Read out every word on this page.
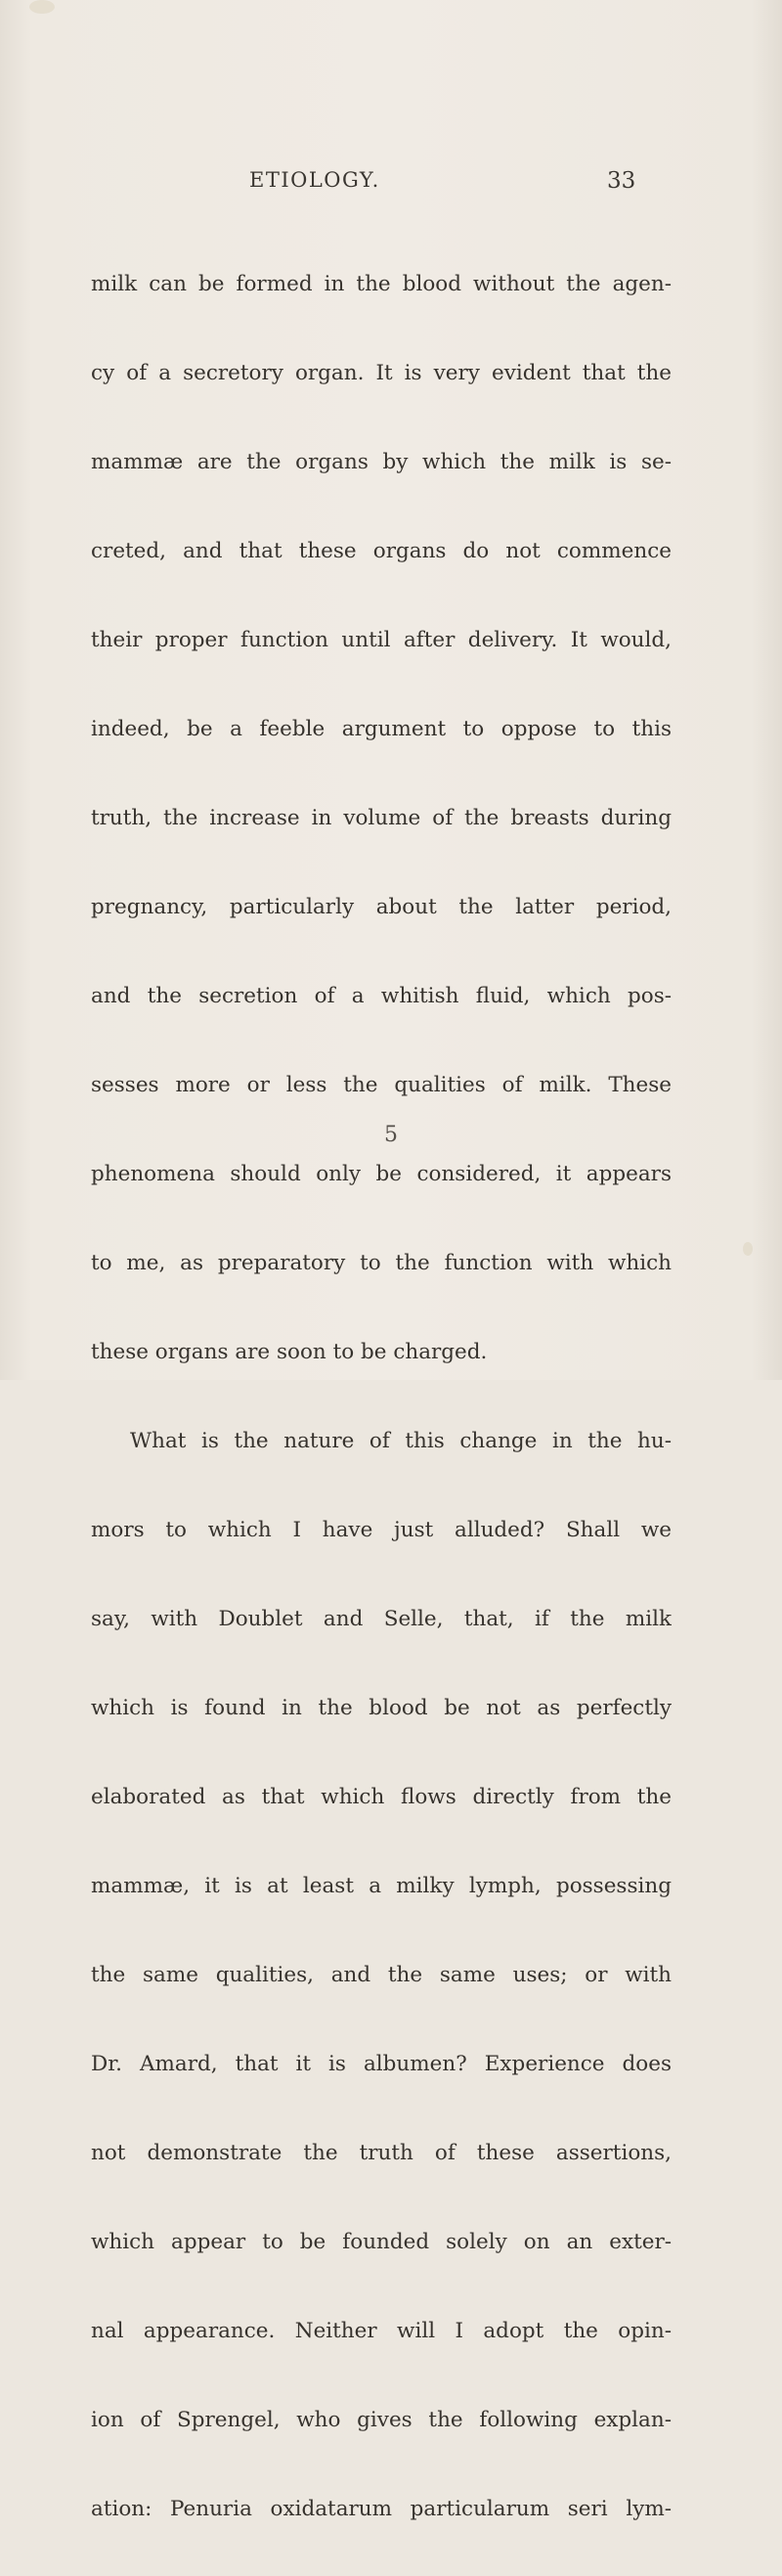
ETIOLOGY.	33

milk can be formed in the blood without the agen-

cy of a secretory organ. It is very evident that the

mammæ are the organs by which the milk is se-

creted, and that these organs do not commence

their proper function until after delivery. It would,

indeed, be a feeble argument to oppose to this

truth, the increase in volume of the breasts during

pregnancy, particularly about the latter period,

and the secretion of a whitish fluid, which pos-

sesses more or less the qualities of milk. These

phenomena should only be considered, it appears

to me, as preparatory to the function with which

these organs are soon to be charged.

What is the nature of this change in the hu-

mors to which I have just alluded? Shall we

say, with Doublet and Selle, that, if the milk

which is found in the blood be not as perfectly

elaborated as that which flows directly from the

mammæ, it is at least a milky lymph, possessing

the same qualities, and the same uses; or with

Dr. Amard, that it is albumen? Experience does

not demonstrate the truth of these assertions,

which appear to be founded solely on an exter-

nal appearance. Neither will I adopt the opin-

ion of Sprengel, who gives the following explan-

ation: Penuria oxidatarum particularum seri lym-

5
